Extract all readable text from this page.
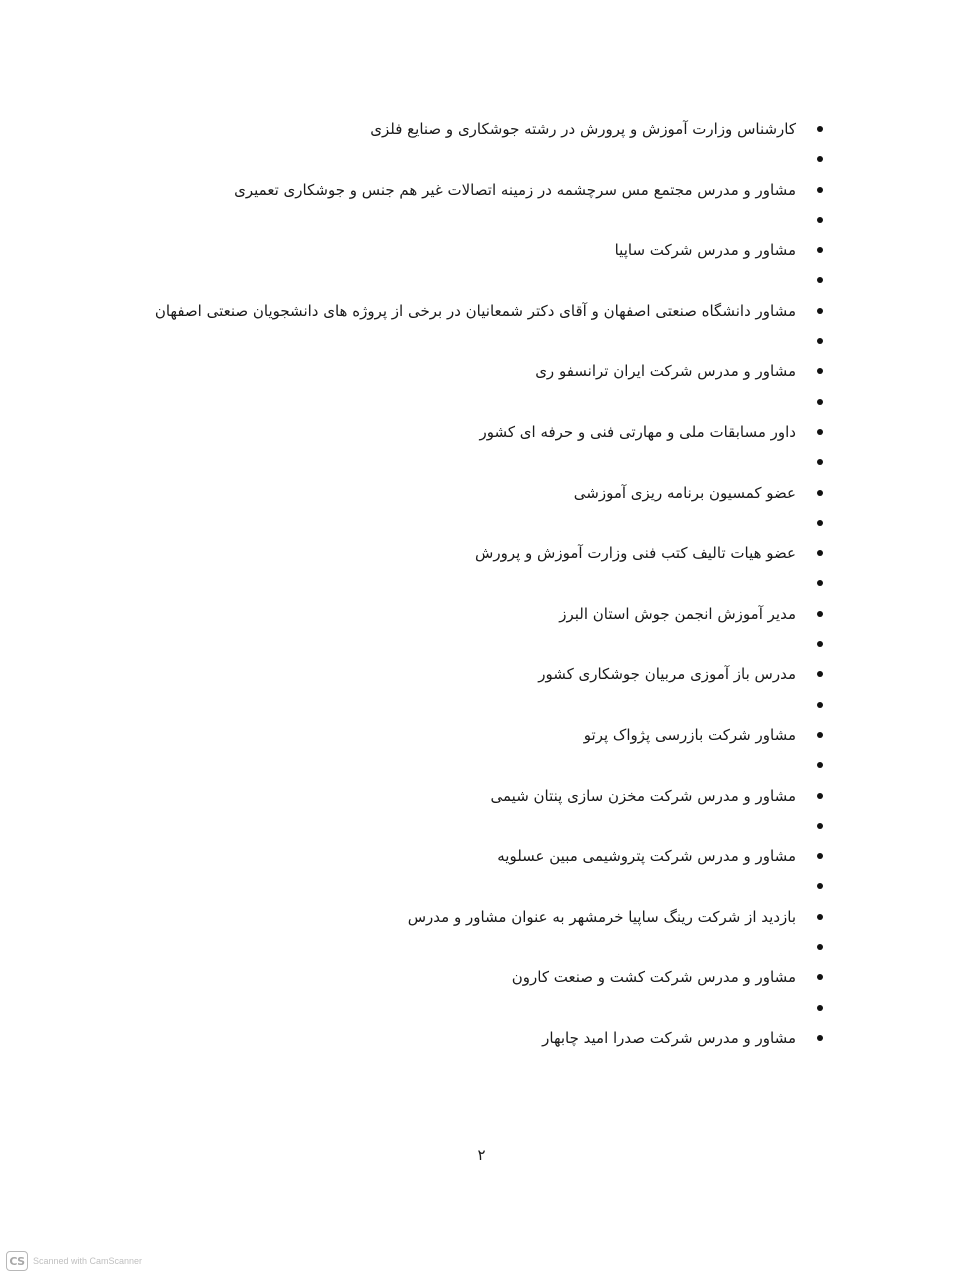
کارشناس وزارت آموزش و پرورش در رشته جوشکاری و صنایع فلزی
مشاور و مدرس مجتمع مس سرچشمه در زمینه اتصالات غیر هم جنس و جوشکاری تعمیری
مشاور و مدرس شرکت ساپیا
مشاور دانشگاه صنعتی اصفهان و آقای دکتر شمعانیان در برخی از پروژه های دانشجویان صنعتی اصفهان
مشاور و مدرس شرکت ایران ترانسفو ری
داور مسابقات ملی و مهارتی فنی و حرفه ای کشور
عضو کمسیون برنامه ریزی آموزشی
عضو هیات تالیف کتب فنی وزارت آموزش و پرورش
مدیر آموزش انجمن جوش استان البرز
مدرس باز آموزی مربیان جوشکاری کشور
مشاور شرکت بازرسی پژواک پرتو
مشاور و مدرس شرکت مخزن سازی پنتان شیمی
مشاور و مدرس شرکت پتروشیمی مبین عسلویه
بازدید از شرکت رینگ ساپیا خرمشهر به عنوان مشاور و مدرس
مشاور و مدرس شرکت کشت و صنعت کارون
مشاور و مدرس شرکت صدرا امید چابهار
۲
CS Scanned with CamScanner
